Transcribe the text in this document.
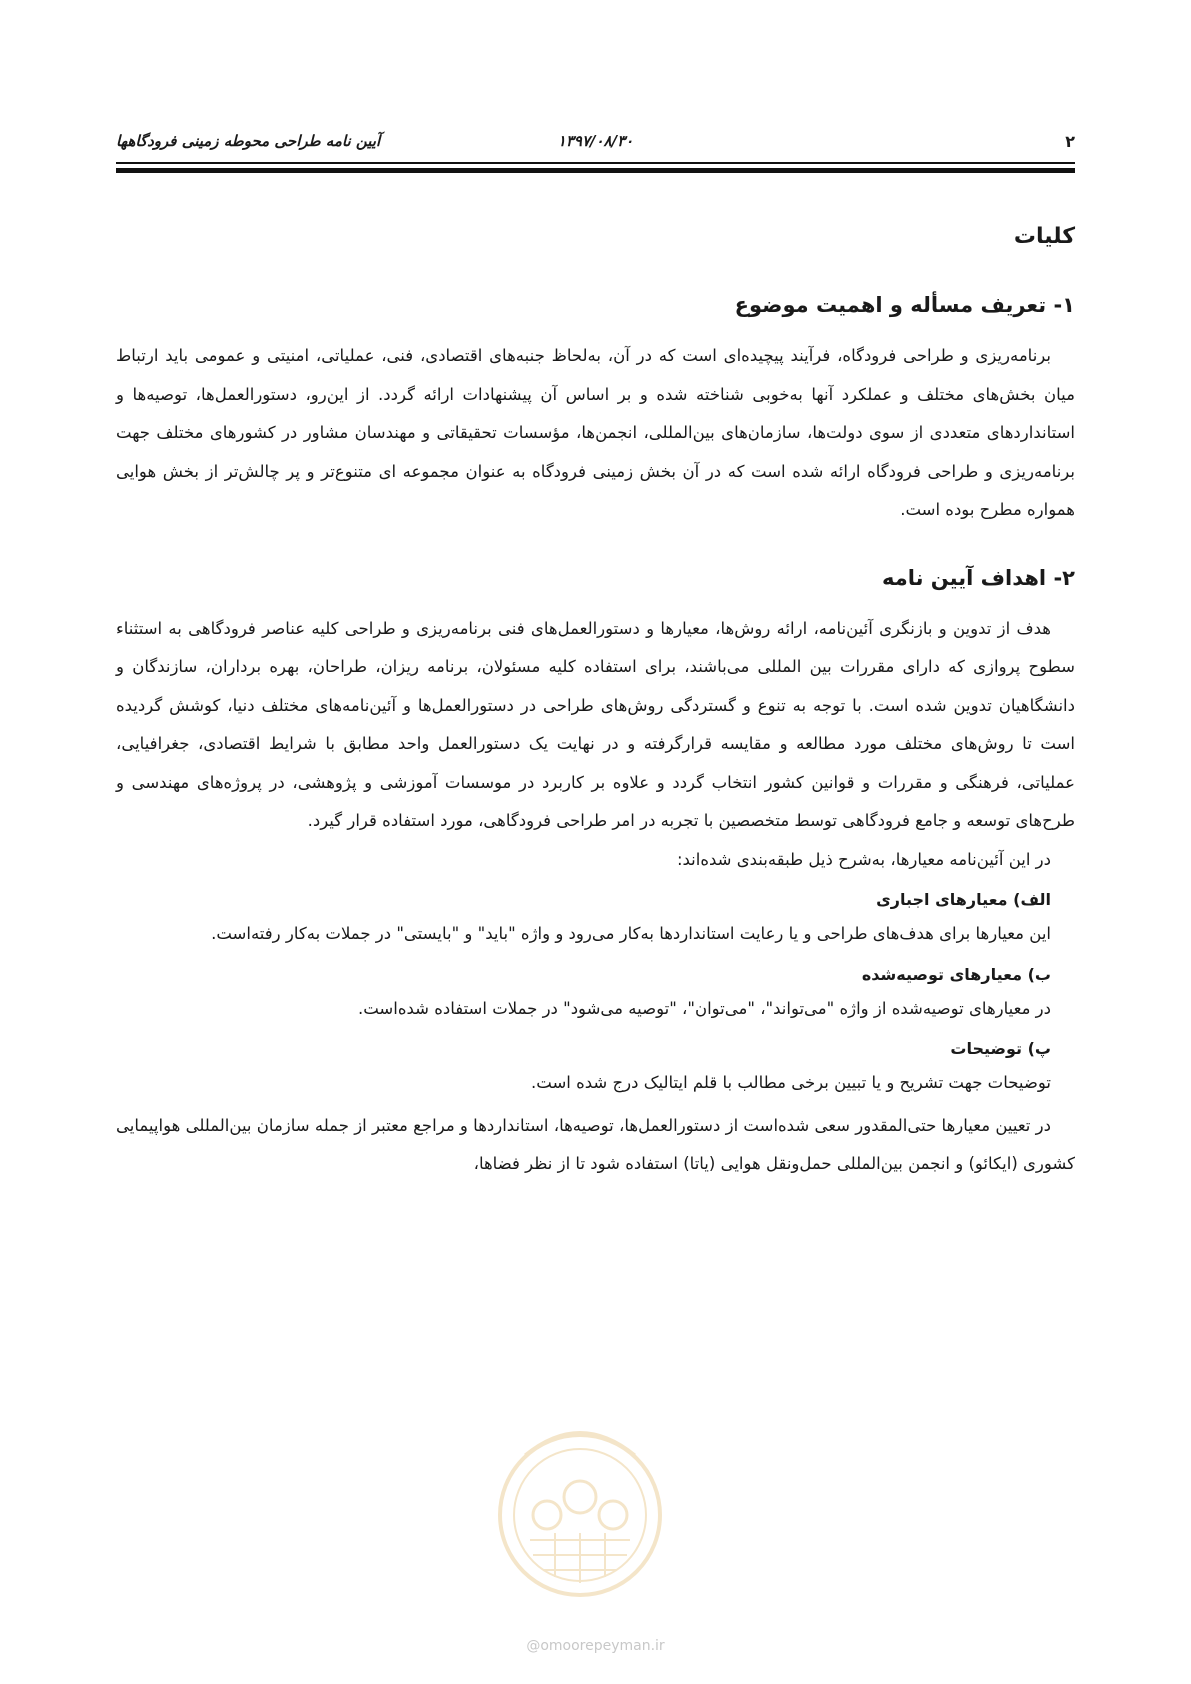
۲
۱۳۹۷/۰۸/۳۰
آیین نامه طراحی محوطه زمینی فرودگاهها
کلیات
۱- تعریف مسأله و اهمیت موضوع

برنامه‌ریزی و طراحی فرودگاه، فرآیند پیچیده‌ای است که در آن، به‌لحاظ جنبه‌های اقتصادی، فنی، عملیاتی، امنیتی و عمومی باید ارتباط میان بخش‌های مختلف و عملکرد آنها به‌خوبی شناخته شده و بر اساس آن پیشنهادات ارائه گردد. از این‌رو، دستورالعمل‌ها، توصیه‌ها و استانداردهای متعددی از سوی دولت‌ها، سازمان‌های بین‌المللی، انجمن‌ها، مؤسسات تحقیقاتی و مهندسان مشاور در کشورهای مختلف جهت برنامه‌ریزی و طراحی فرودگاه ارائه شده است که در آن بخش زمینی فرودگاه به عنوان مجموعه ای متنوع‌تر و پر چالش‌تر از بخش هوایی همواره مطرح بوده است.

۲- اهداف آیین نامه

هدف از تدوین و بازنگری آئین‌نامه، ارائه روش‌ها، معیارها و دستورالعمل‌های فنی برنامه‌ریزی و طراحی کلیه عناصر فرودگاهی به استثناء سطوح پروازی که دارای مقررات بین المللی می‌باشند، برای استفاده کلیه مسئولان، برنامه ریزان، طراحان، بهره برداران، سازندگان و دانشگاهیان تدوین شده است. با توجه به تنوع و گستردگی روش‌های طراحی در دستورالعمل‌ها و آئین‌نامه‌های مختلف دنیا، کوشش گردیده است تا روش‌های مختلف مورد مطالعه و مقایسه قرارگرفته و در نهایت یک دستورالعمل واحد مطابق با شرایط اقتصادی، جغرافیایی، عملیاتی، فرهنگی و مقررات و قوانین کشور انتخاب گردد و علاوه بر کاربرد در موسسات آموزشی و پژوهشی، در پروژه‌های مهندسی و طرح‌های توسعه و جامع فرودگاهی توسط متخصصین با تجربه در امر طراحی فرودگاهی، مورد استفاده قرار گیرد.

در این آئین‌نامه معیارها، به‌شرح ذیل طبقه‌بندی شده‌اند:

الف) معیارهای اجباری

این معیارها برای هدف‌های طراحی و یا رعایت استانداردها به‌کار می‌رود و واژه "باید" و "بایستی" در جملات به‌کار رفته‌است.

ب) معیارهای توصیه‌شده

در معیارهای توصیه‌شده از واژه "می‌تواند"، "می‌توان"، "توصیه می‌شود" در جملات استفاده شده‌است.

پ) توضیحات

توضیحات جهت تشریح و یا تبیین برخی مطالب با قلم ایتالیک درج شده است.

در تعیین معیارها حتی‌المقدور سعی شده‌است از دستورالعمل‌ها، توصیه‌ها، استانداردها و مراجع معتبر از جمله سازمان بین‌المللی هواپیمایی کشوری (ایکائو) و انجمن بین‌المللی حمل‌ونقل هوایی (یاتا) استفاده شود تا از نظر فضاها،

@omoorepeyman.ir
